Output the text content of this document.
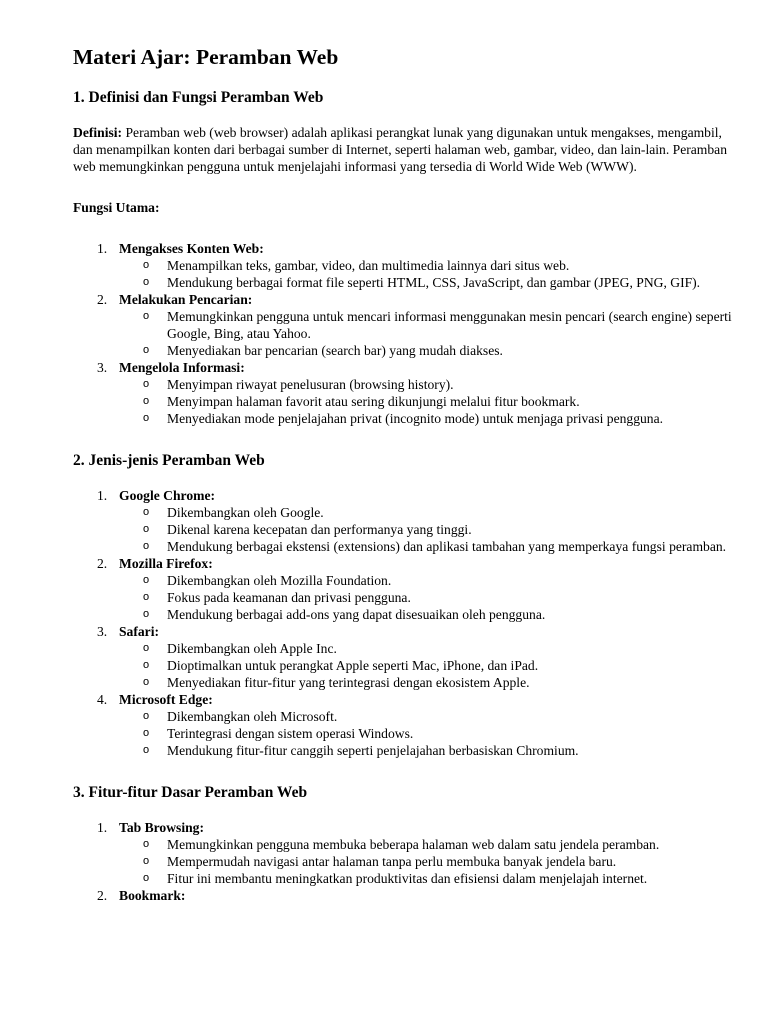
Materi Ajar: Peramban Web
1. Definisi dan Fungsi Peramban Web

Definisi: Peramban web (web browser) adalah aplikasi perangkat lunak yang digunakan untuk mengakses, mengambil, dan menampilkan konten dari berbagai sumber di Internet, seperti halaman web, gambar, video, dan lain-lain. Peramban web memungkinkan pengguna untuk menjelajahi informasi yang tersedia di World Wide Web (WWW).

Fungsi Utama:

1. Mengakses Konten Web:
o Menampilkan teks, gambar, video, dan multimedia lainnya dari situs web.
o Mendukung berbagai format file seperti HTML, CSS, JavaScript, dan gambar (JPEG, PNG, GIF).
2. Melakukan Pencarian:
o Memungkinkan pengguna untuk mencari informasi menggunakan mesin pencari (search engine) seperti Google, Bing, atau Yahoo.
o Menyediakan bar pencarian (search bar) yang mudah diakses.
3. Mengelola Informasi:
o Menyimpan riwayat penelusuran (browsing history).
o Menyimpan halaman favorit atau sering dikunjungi melalui fitur bookmark.
o Menyediakan mode penjelajahan privat (incognito mode) untuk menjaga privasi pengguna.
2. Jenis-jenis Peramban Web
1. Google Chrome:
o Dikembangkan oleh Google.
o Dikenal karena kecepatan dan performanya yang tinggi.
o Mendukung berbagai ekstensi (extensions) dan aplikasi tambahan yang memperkaya fungsi peramban.
2. Mozilla Firefox:
o Dikembangkan oleh Mozilla Foundation.
o Fokus pada keamanan dan privasi pengguna.
o Mendukung berbagai add-ons yang dapat disesuaikan oleh pengguna.
3. Safari:
o Dikembangkan oleh Apple Inc.
o Dioptimalkan untuk perangkat Apple seperti Mac, iPhone, dan iPad.
o Menyediakan fitur-fitur yang terintegrasi dengan ekosistem Apple.
4. Microsoft Edge:
o Dikembangkan oleh Microsoft.
o Terintegrasi dengan sistem operasi Windows.
o Mendukung fitur-fitur canggih seperti penjelajahan berbasiskan Chromium.
3. Fitur-fitur Dasar Peramban Web
1. Tab Browsing:
o Memungkinkan pengguna membuka beberapa halaman web dalam satu jendela peramban.
o Mempermudah navigasi antar halaman tanpa perlu membuka banyak jendela baru.
o Fitur ini membantu meningkatkan produktivitas dan efisiensi dalam menjelajah internet.
2. Bookmark:
